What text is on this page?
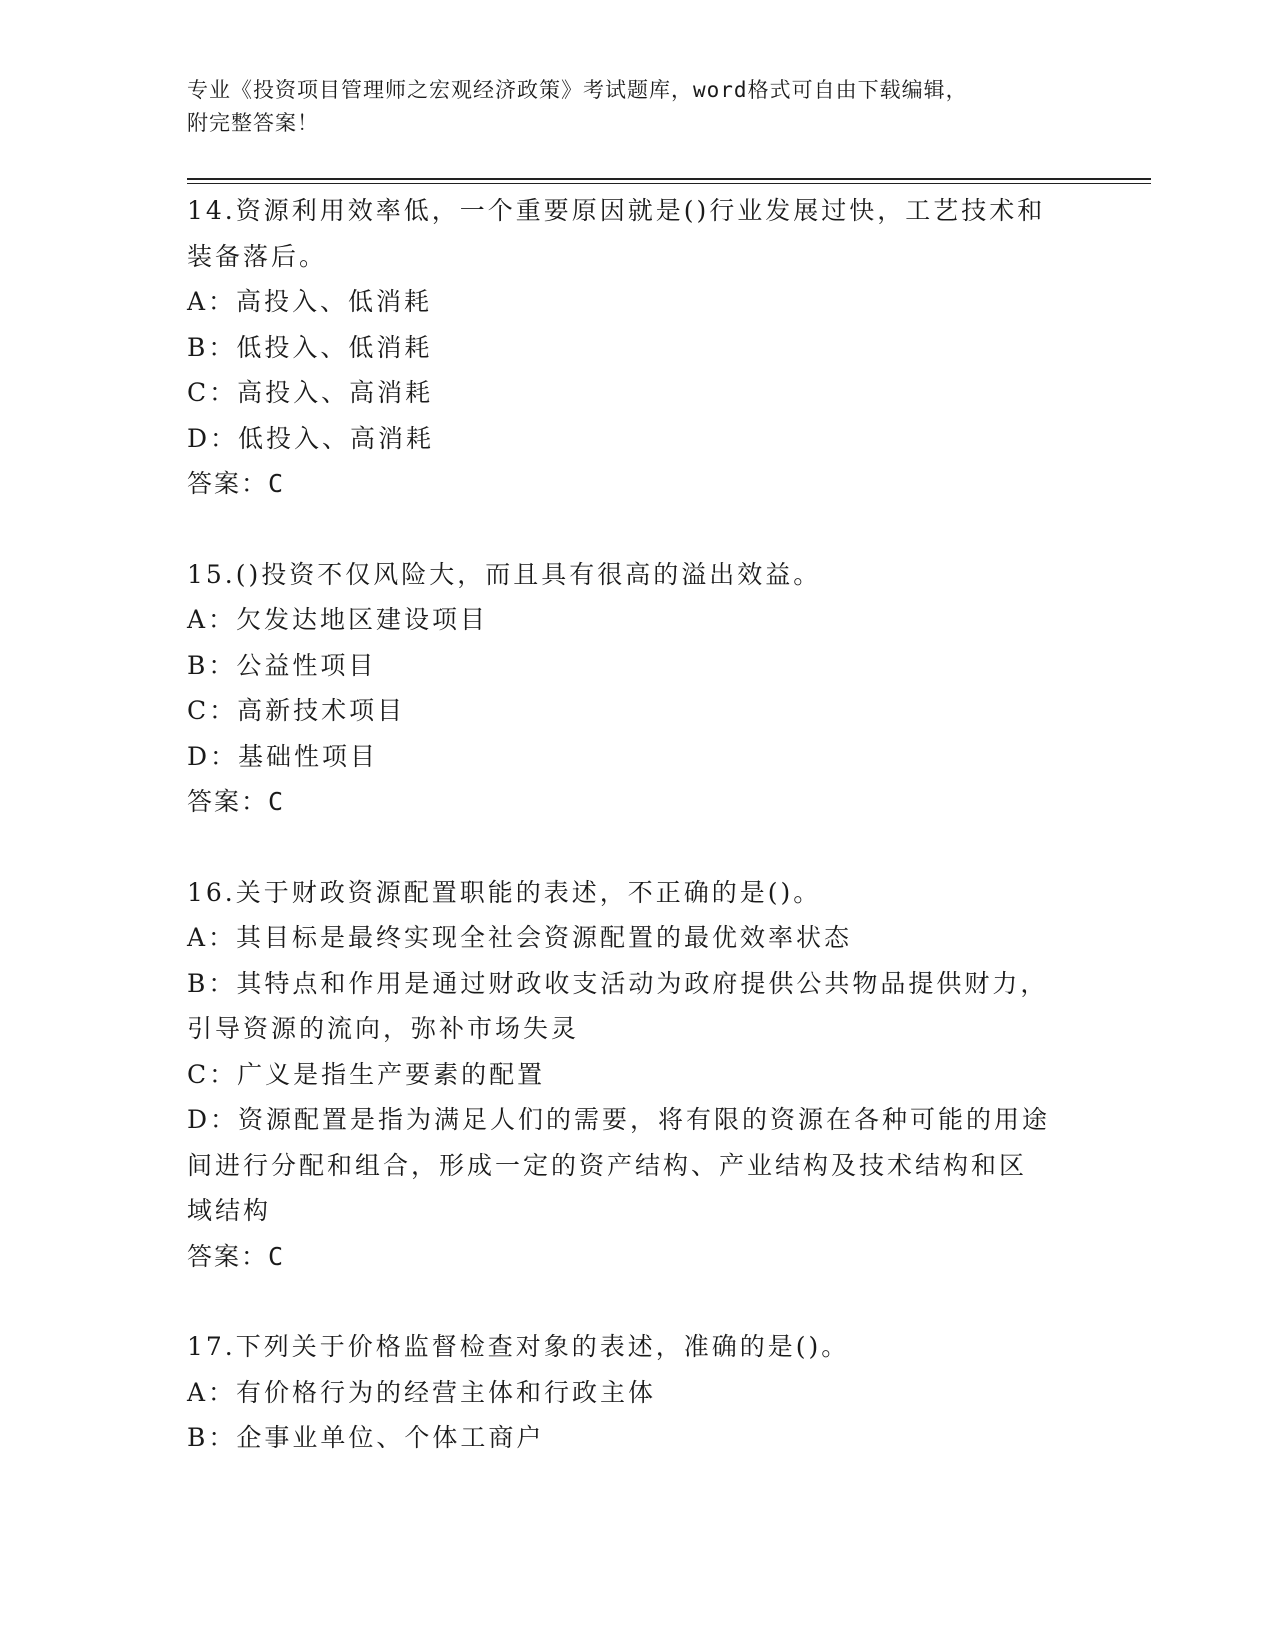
专业《投资项目管理师之宏观经济政策》考试题库，word格式可自由下载编辑，
附完整答案！
14.资源利用效率低，一个重要原因就是()行业发展过快，工艺技术和
装备落后。
A：高投入、低消耗
B：低投入、低消耗
C：高投入、高消耗
D：低投入、高消耗
答案：C
15.()投资不仅风险大，而且具有很高的溢出效益。
A：欠发达地区建设项目
B：公益性项目
C：高新技术项目
D：基础性项目
答案：C
16.关于财政资源配置职能的表述，不正确的是()。
A：其目标是最终实现全社会资源配置的最优效率状态
B：其特点和作用是通过财政收支活动为政府提供公共物品提供财力，
引导资源的流向，弥补市场失灵
C：广义是指生产要素的配置
D：资源配置是指为满足人们的需要，将有限的资源在各种可能的用途
间进行分配和组合，形成一定的资产结构、产业结构及技术结构和区
域结构
答案：C
17.下列关于价格监督检查对象的表述，准确的是()。
A：有价格行为的经营主体和行政主体
B：企事业单位、个体工商户
